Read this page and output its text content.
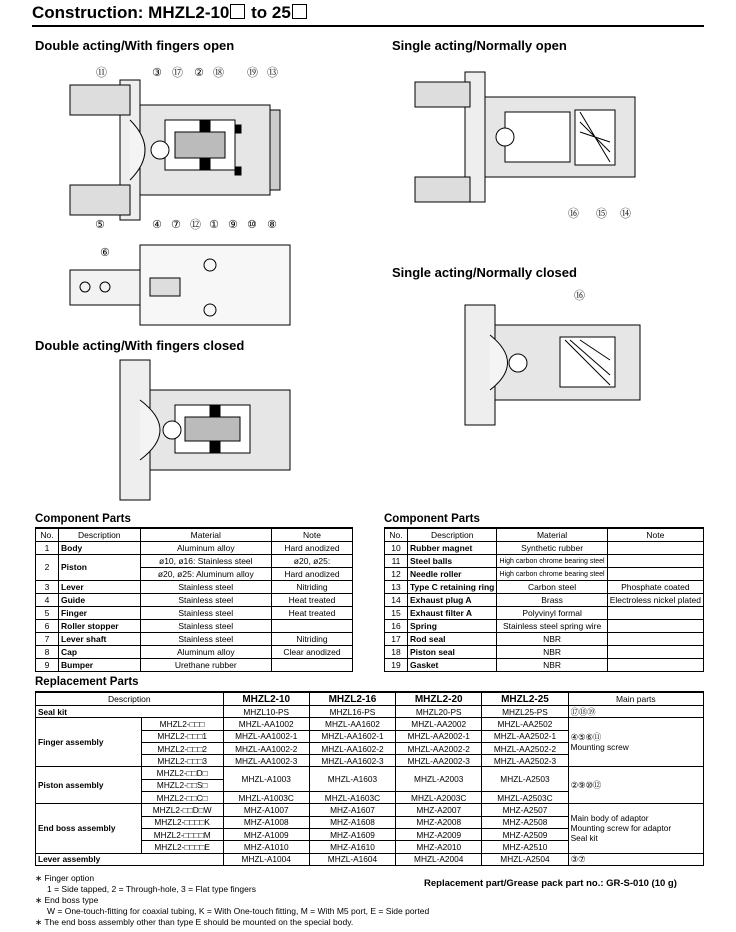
Construction: MHZL2-10 to 25
Double acting/With fingers open	Single acting/Normally open
Single acting/Normally closed
Double acting/With fingers closed
⑪	③ ⑰ ② ⑱ ⑲ ⑬
⑤	④ ⑦ ⑫ ① ⑨ ⑩ ⑧
⑥
⑯ ⑮ ⑭
⑯
Component Parts
No.	Description	Material	Note
1	Body	Aluminum alloy	Hard anodized
2	Piston	ø10, ø16: Stainless steel	ø20, ø25:
		ø20, ø25: Aluminum alloy	Hard anodized
3	Lever	Stainless steel	Nitriding
4	Guide	Stainless steel	Heat treated
5	Finger	Stainless steel	Heat treated
6	Roller stopper	Stainless steel	
7	Lever shaft	Stainless steel	Nitriding
8	Cap	Aluminum alloy	Clear anodized
9	Bumper	Urethane rubber	
Component Parts
No.	Description	Material	Note
10	Rubber magnet	Synthetic rubber	
11	Steel balls	High carbon chrome bearing steel	
12	Needle roller	High carbon chrome bearing steel	
13	Type C retaining ring	Carbon steel	Phosphate coated
14	Exhaust plug A	Brass	Electroless nickel plated
15	Exhaust filter A	Polyvinyl formal	
16	Spring	Stainless steel spring wire	
17	Rod seal	NBR	
18	Piston seal	NBR	
19	Gasket	NBR	
Replacement Parts
Description		MHZL2-10	MHZL2-16	MHZL2-20	MHZL2-25	Main parts
Seal kit		MHZL10-PS	MHZL16-PS	MHZL20-PS	MHZL25-PS	⑰⑱⑲
Finger assembly	MHZL2-□□□	MHZL-AA1002	MHZL-AA1602	MHZL-AA2002	MHZL-AA2502	④⑤⑥⑪
Mounting screw

	MHZL2-□□□1	MHZL-AA1002-1	MHZL-AA1602-1	MHZL-AA2002-1	MHZL-AA2502-1	
	MHZL2-□□□2	MHZL-AA1002-2	MHZL-AA1602-2	MHZL-AA2002-2	MHZL-AA2502-2	
	MHZL2-□□□3	MHZL-AA1002-3	MHZL-AA1602-3	MHZL-AA2002-3	MHZL-AA2502-3	
Piston assembly	MHZL2-□□D□	MHZL-A1003	MHZL-A1603	MHZL-A2003	MHZL-A2503	②⑨⑩⑫
	MHZL2-□□S□					
	MHZL2-□□C□	MHZL-A1003C	MHZL-A1603C	MHZL-A2003C	MHZL-A2503C	
End boss assembly	MHZL2-□□D□W	MHZ-A1007	MHZ-A1607	MHZ-A2007	MHZ-A2507	Main body of adaptor
Mounting screw for adaptor
Seal kit

	MHZL2-□□□□K	MHZ-A1008	MHZ-A1608	MHZ-A2008	MHZ-A2508	
	MHZL2-□□□□M	MHZ-A1009	MHZ-A1609	MHZ-A2009	MHZ-A2509	
	MHZL2-□□□□E	MHZ-A1010	MHZ-A1610	MHZ-A2010	MHZ-A2510	
Lever assembly		MHZL-A1004	MHZL-A1604	MHZL-A2004	MHZL-A2504	③⑦
∗ Finger option
1 = Side tapped, 2 = Through-hole, 3 = Flat type fingers
∗ End boss type
W = One-touch-fitting for coaxial tubing, K = With One-touch fitting, M = With M5 port, E = Side ported
∗ The end boss assembly other than type E should be mounted on the special body.
Replacement part/Grease pack part no.: GR-S-010 (10 g)
